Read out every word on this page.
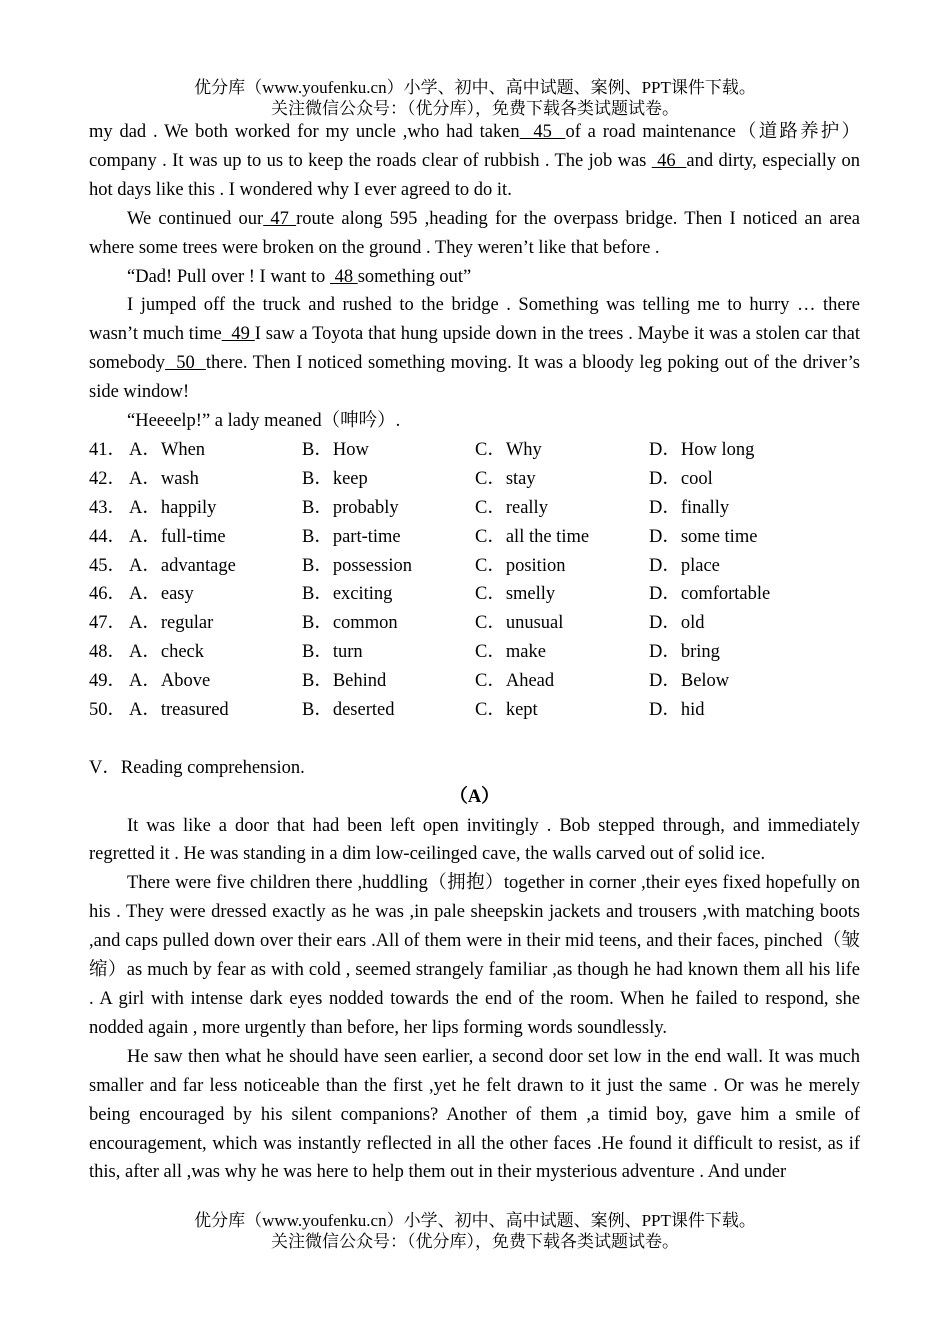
优分库（www.youfenku.cn）小学、初中、高中试题、案例、PPT课件下载。
关注微信公众号：（优分库），免费下载各类试题试卷。

my dad . We both worked for my uncle ,who had taken  45  of a road maintenance（道路养护）company . It was up to us to keep the roads clear of rubbish . The job was  46  and dirty, especially on hot days like this . I wondered why I ever agreed to do it.

We continued our 47 route along 595 ,heading for the overpass bridge. Then I noticed an area where some trees were broken on the ground . They weren’t like that before .

“Dad! Pull over ! I want to  48 something out”

I jumped off the truck and rushed to the bridge . Something was telling me to hurry … there wasn’t much time  49 I saw a Toyota that hung upside down in the trees . Maybe it was a stolen car that somebody  50  there. Then I noticed something moving. It was a bloody leg poking out of the driver’s side window!

“Heeeelp!” a lady meaned（呻吟）.

41． A．When	B．How	C．Why	D．How long
42． A．wash	B．keep	C．stay	D．cool
43． A．happily	B．probably	C．really	D．finally
44． A．full-time	B．part-time	C．all the time	D．some time
45． A．advantage	B．possession	C．position	D．place
46． A．easy	B．exciting	C．smelly	D．comfortable
47． A．regular	B．common	C．unusual	D．old
48． A．check	B．turn	C．make	D．bring
49． A．Above	B．Behind	C．Ahead	D．Below
50． A．treasured	B．deserted	C．kept	D．hid

V．Reading comprehension.

（A）

It was like a door that had been left open invitingly . Bob stepped through, and immediately regretted it . He was standing in a dim low-ceilinged cave, the walls carved out of solid ice.

There were five children there ,huddling（拥抱）together in corner ,their eyes fixed hopefully on his . They were dressed exactly as he was ,in pale sheepskin jackets and trousers ,with matching boots ,and caps pulled down over their ears .All of them were in their mid teens, and their faces, pinched（皱缩）as much by fear as with cold , seemed strangely familiar ,as though he had known them all his life . A girl with intense dark eyes nodded towards the end of the room. When he failed to respond, she nodded again , more urgently than before, her lips forming words soundlessly.

He saw then what he should have seen earlier, a second door set low in the end wall. It was much smaller and far less noticeable than the first ,yet he felt drawn to it just the same . Or was he merely being encouraged by his silent companions? Another of them ,a timid boy, gave him a smile of encouragement, which was instantly reflected in all the other faces .He found it difficult to resist, as if this, after all ,was why he was here to help them out in their mysterious adventure . And under

优分库（www.youfenku.cn）小学、初中、高中试题、案例、PPT课件下载。
关注微信公众号：（优分库），免费下载各类试题试卷。
